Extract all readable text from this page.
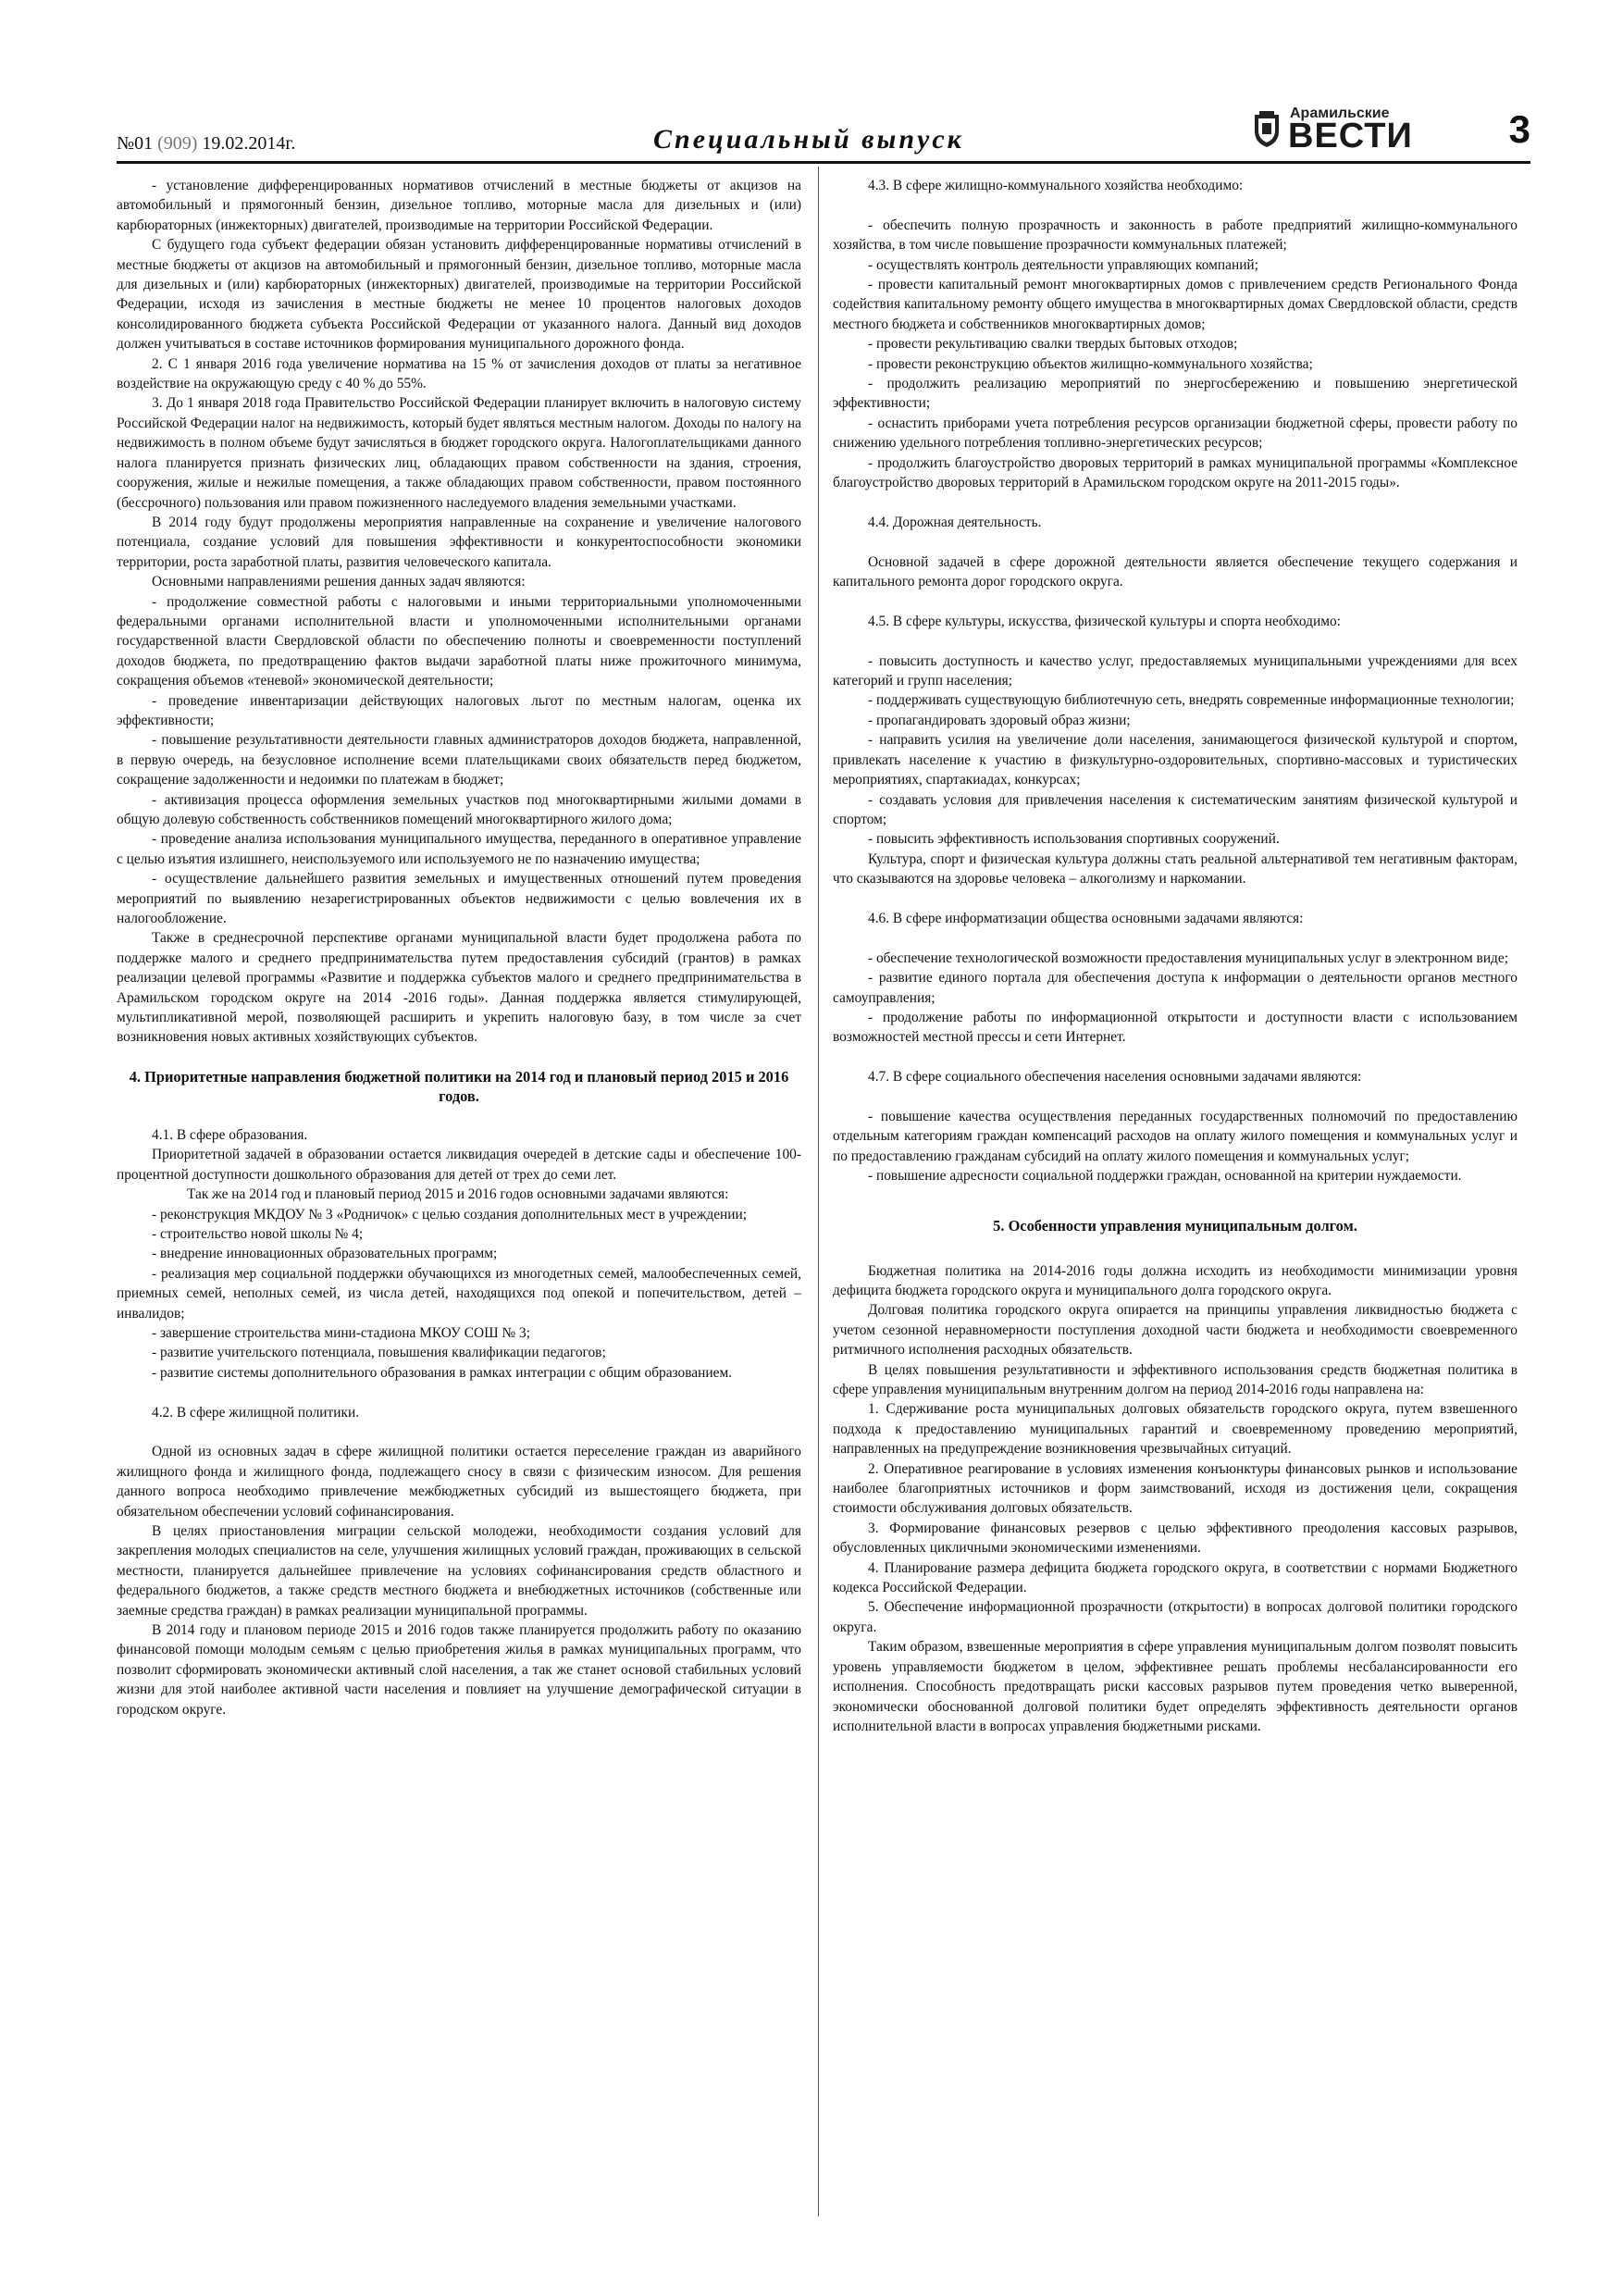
№01 (909) 19.02.2014г.	Специальный выпуск
Арамильские
ВЕСТИ 3

- установление дифференцированных нормативов отчислений в местные бюджеты от акцизов на автомобильный и прямогонный бензин, дизельное топливо, моторные масла для дизельных и (или) карбюраторных (инжекторных) двигателей, производимые на территории Российской Федерации.

С будущего года субъект федерации обязан установить дифференцированные нормативы отчислений в местные бюджеты от акцизов на автомобильный и прямогонный бензин, дизельное топливо, моторные масла для дизельных и (или) карбюраторных (инжекторных) двигателей, производимые на территории Российской Федерации, исходя из зачисления в местные бюджеты не менее 10 процентов налоговых доходов консолидированного бюджета субъекта Российской Федерации от указанного налога. Данный вид доходов должен учитываться в составе источников формирования муниципального дорожного фонда.

2. С 1 января 2016 года увеличение норматива на 15 % от зачисления доходов от платы за негативное воздействие на окружающую среду с 40 % до 55%.

3. До 1 января 2018 года Правительство Российской Федерации планирует включить в налоговую систему Российской Федерации налог на недвижимость, который будет являться местным налогом. Доходы по налогу на недвижимость в полном объеме будут зачисляться в бюджет городского округа. Налогоплательщиками данного налога планируется признать физических лиц, обладающих правом собственности на здания, строения, сооружения, жилые и нежилые помещения, а также обладающих правом собственности, правом постоянного (бессрочного) пользования или правом пожизненного наследуемого владения земельными участками.

В 2014 году будут продолжены мероприятия направленные на сохранение и увеличение налогового потенциала, создание условий для повышения эффективности и конкурентоспособности экономики территории, роста заработной платы, развития человеческого капитала.

Основными направлениями решения данных задач являются:

- продолжение совместной работы с налоговыми и иными территориальными уполномоченными федеральными органами исполнительной власти и уполномоченными исполнительными органами государственной власти Свердловской области по обеспечению полноты и своевременности поступлений доходов бюджета, по предотвращению фактов выдачи заработной платы ниже прожиточного минимума, сокращения объемов «теневой» экономической деятельности;

- проведение инвентаризации действующих налоговых льгот по местным налогам, оценка их эффективности;

- повышение результативности деятельности главных администраторов доходов бюджета, направленной, в первую очередь, на безусловное исполнение всеми плательщиками своих обязательств перед бюджетом, сокращение задолженности и недоимки по платежам в бюджет;

- активизация процесса оформления земельных участков под многоквартирными жилыми домами в общую долевую собственность собственников помещений многоквартирного жилого дома;

- проведение анализа использования муниципального имущества, переданного в оперативное управление с целью изъятия излишнего, неиспользуемого или используемого не по назначению имущества;

- осуществление дальнейшего развития земельных и имущественных отношений путем проведения мероприятий по выявлению незарегистрированных объектов недвижимости с целью вовлечения их в налогообложение.

Также в среднесрочной перспективе органами муниципальной власти будет продолжена работа по поддержке малого и среднего предпринимательства путем предоставления субсидий (грантов) в рамках реализации целевой программы «Развитие и поддержка субъектов малого и среднего предпринимательства в Арамильском городском округе на 2014 -2016 годы». Данная поддержка является стимулирующей, мультипликативной мерой, позволяющей расширить и укрепить налоговую базу, в том числе за счет возникновения новых активных хозяйствующих субъектов.

4. Приоритетные направления бюджетной политики на 2014 год и плановый период 2015 и 2016 годов.

4.1. В сфере образования.

Приоритетной задачей в образовании остается ликвидация очередей в детские сады и обеспечение 100-процентной доступности дошкольного образования для детей от трех до семи лет.

Так же на 2014 год и плановый период 2015 и 2016 годов основными задачами являются:

- реконструкция МКДОУ № 3 «Родничок» с целью создания дополнительных мест в учреждении;

- строительство новой школы № 4;

- внедрение инновационных образовательных программ;

- реализация мер социальной поддержки обучающихся из многодетных семей, малообеспеченных семей, приемных семей, неполных семей, из числа детей, находящихся под опекой и попечительством, детей – инвалидов;

- завершение строительства мини-стадиона МКОУ СОШ № 3;

- развитие учительского потенциала, повышения квалификации педагогов;

- развитие системы дополнительного образования в рамках интеграции с общим образованием.

4.2. В сфере жилищной политики.

Одной из основных задач в сфере жилищной политики остается переселение граждан из аварийного жилищного фонда и жилищного фонда, подлежащего сносу в связи с физическим износом. Для решения данного вопроса необходимо привлечение межбюджетных субсидий из вышестоящего бюджета, при обязательном обеспечении условий софинансирования.

В целях приостановления миграции сельской молодежи, необходимости создания условий для закрепления молодых специалистов на селе, улучшения жилищных условий граждан, проживающих в сельской местности, планируется дальнейшее привлечение на условиях софинансирования средств областного и федерального бюджетов, а также средств местного бюджета и внебюджетных источников (собственные или заемные средства граждан) в рамках реализации муниципальной программы.

В 2014 году и плановом периоде 2015 и 2016 годов также планируется продолжить работу по оказанию финансовой помощи молодым семьям с целью приобретения жилья в рамках муниципальных программ, что позволит сформировать экономически активный слой населения, а так же станет основой стабильных условий жизни для этой наиболее активной части населения и повлияет на улучшение демографической ситуации в городском округе.

4.3. В сфере жилищно-коммунального хозяйства необходимо:

- обеспечить полную прозрачность и законность в работе предприятий жилищно-коммунального хозяйства, в том числе повышение прозрачности коммунальных платежей;

- осуществлять контроль деятельности управляющих компаний;

- провести капитальный ремонт многоквартирных домов с привлечением средств Регионального Фонда содействия капитальному ремонту общего имущества в многоквартирных домах Свердловской области, средств местного бюджета и собственников многоквартирных домов;

- провести рекультивацию свалки твердых бытовых отходов;

- провести реконструкцию объектов жилищно-коммунального хозяйства;

- продолжить реализацию мероприятий по энергосбережению и повышению энергетической эффективности;

- оснастить приборами учета потребления ресурсов организации бюджетной сферы, провести работу по снижению удельного потребления топливно-энергетических ресурсов;

- продолжить благоустройство дворовых территорий в рамках муниципальной программы «Комплексное благоустройство дворовых территорий в Арамильском городском округе на 2011-2015 годы».

4.4. Дорожная деятельность.

Основной задачей в сфере дорожной деятельности является обеспечение текущего содержания и капитального ремонта дорог городского округа.

4.5. В сфере культуры, искусства, физической культуры и спорта необходимо:

- повысить доступность и качество услуг, предоставляемых муниципальными учреждениями для всех категорий и групп населения;

- поддерживать существующую библиотечную сеть, внедрять современные информационные технологии;

- пропагандировать здоровый образ жизни;

- направить усилия на увеличение доли населения, занимающегося физической культурой и спортом, привлекать население к участию в физкультурно-оздоровительных, спортивно-массовых и туристических мероприятиях, спартакиадах, конкурсах;

- создавать условия для привлечения населения к систематическим занятиям физической культурой и спортом;

- повысить эффективность использования спортивных сооружений.

Культура, спорт и физическая культура должны стать реальной альтернативой тем негативным факторам, что сказываются на здоровье человека – алкоголизму и наркомании.

4.6. В сфере информатизации общества основными задачами являются:

- обеспечение технологической возможности предоставления муниципальных услуг в электронном виде;

- развитие единого портала для обеспечения доступа к информации о деятельности органов местного самоуправления;

- продолжение работы по информационной открытости и доступности власти с использованием возможностей местной прессы и сети Интернет.

4.7. В сфере социального обеспечения населения основными задачами являются:

- повышение качества осуществления переданных государственных полномочий по предоставлению отдельным категориям граждан компенсаций расходов на оплату жилого помещения и коммунальных услуг и по предоставлению гражданам субсидий на оплату жилого помещения и коммунальных услуг;

- повышение адресности социальной поддержки граждан, основанной на критерии нуждаемости.

5. Особенности управления муниципальным долгом.

Бюджетная политика на 2014-2016 годы должна исходить из необходимости минимизации уровня дефицита бюджета городского округа и муниципального долга городского округа.

Долговая политика городского округа опирается на принципы управления ликвидностью бюджета с учетом сезонной неравномерности поступления доходной части бюджета и необходимости своевременного ритмичного исполнения расходных обязательств.

В целях повышения результативности и эффективного использования средств бюджетная политика в сфере управления муниципальным внутренним долгом на период 2014-2016 годы направлена на:

1. Сдерживание роста муниципальных долговых обязательств городского округа, путем взвешенного подхода к предоставлению муниципальных гарантий и своевременному проведению мероприятий, направленных на предупреждение возникновения чрезвычайных ситуаций.

2. Оперативное реагирование в условиях изменения конъюнктуры финансовых рынков и использование наиболее благоприятных источников и форм заимствований, исходя из достижения цели, сокращения стоимости обслуживания долговых обязательств.

3. Формирование финансовых резервов с целью эффективного преодоления кассовых разрывов, обусловленных цикличными экономическими изменениями.

4. Планирование размера дефицита бюджета городского округа, в соответствии с нормами Бюджетного кодекса Российской Федерации.

5. Обеспечение информационной прозрачности (открытости) в вопросах долговой политики городского округа.

Таким образом, взвешенные мероприятия в сфере управления муниципальным долгом позволят повысить уровень управляемости бюджетом в целом, эффективнее решать проблемы несбалансированности его исполнения. Способность предотвращать риски кассовых разрывов путем проведения четко выверенной, экономически обоснованной долговой политики будет определять эффективность деятельности органов исполнительной власти в вопросах управления бюджетными рисками.
